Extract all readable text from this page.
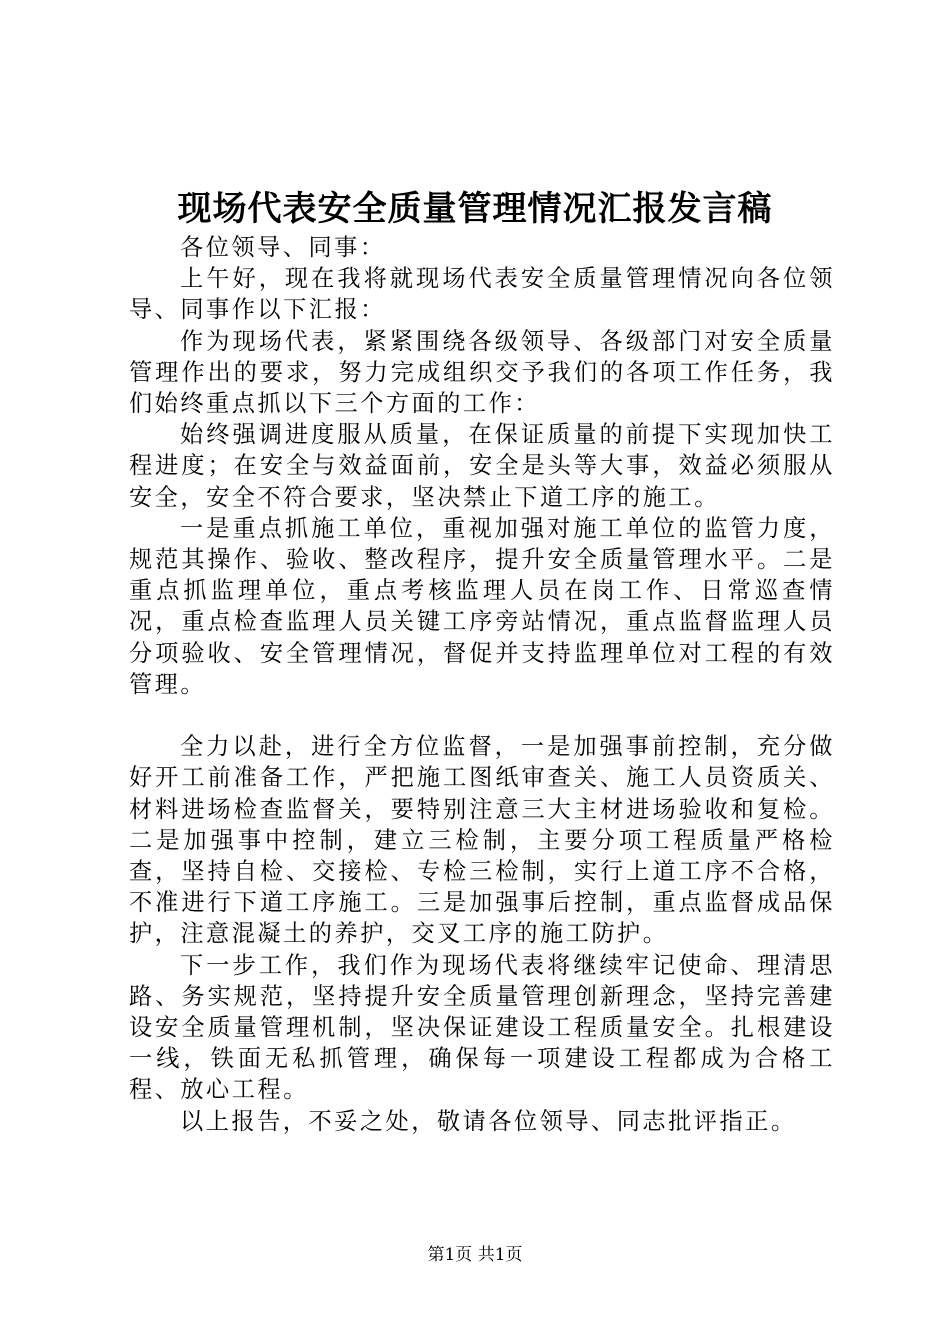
现场代表安全质量管理情况汇报发言稿

各位领导、同事：

上午好，现在我将就现场代表安全质量管理情况向各位领导、同事作以下汇报：

作为现场代表，紧紧围绕各级领导、各级部门对安全质量管理作出的要求，努力完成组织交予我们的各项工作任务，我们始终重点抓以下三个方面的工作：

始终强调进度服从质量，在保证质量的前提下实现加快工程进度；在安全与效益面前，安全是头等大事，效益必须服从安全，安全不符合要求，坚决禁止下道工序的施工。

一是重点抓施工单位，重视加强对施工单位的监管力度，规范其操作、验收、整改程序，提升安全质量管理水平。二是重点抓监理单位，重点考核监理人员在岗工作、日常巡查情况，重点检查监理人员关键工序旁站情况，重点监督监理人员分项验收、安全管理情况，督促并支持监理单位对工程的有效管理。

全力以赴，进行全方位监督，一是加强事前控制，充分做好开工前准备工作，严把施工图纸审查关、施工人员资质关、材料进场检查监督关，要特别注意三大主材进场验收和复检。二是加强事中控制，建立三检制，主要分项工程质量严格检查，坚持自检、交接检、专检三检制，实行上道工序不合格，不准进行下道工序施工。三是加强事后控制，重点监督成品保护，注意混凝土的养护，交叉工序的施工防护。

下一步工作，我们作为现场代表将继续牢记使命、理清思路、务实规范，坚持提升安全质量管理创新理念，坚持完善建设安全质量管理机制，坚决保证建设工程质量安全。扎根建设一线，铁面无私抓管理，确保每一项建设工程都成为合格工程、放心工程。

以上报告，不妥之处，敬请各位领导、同志批评指正。

第1页 共1页
